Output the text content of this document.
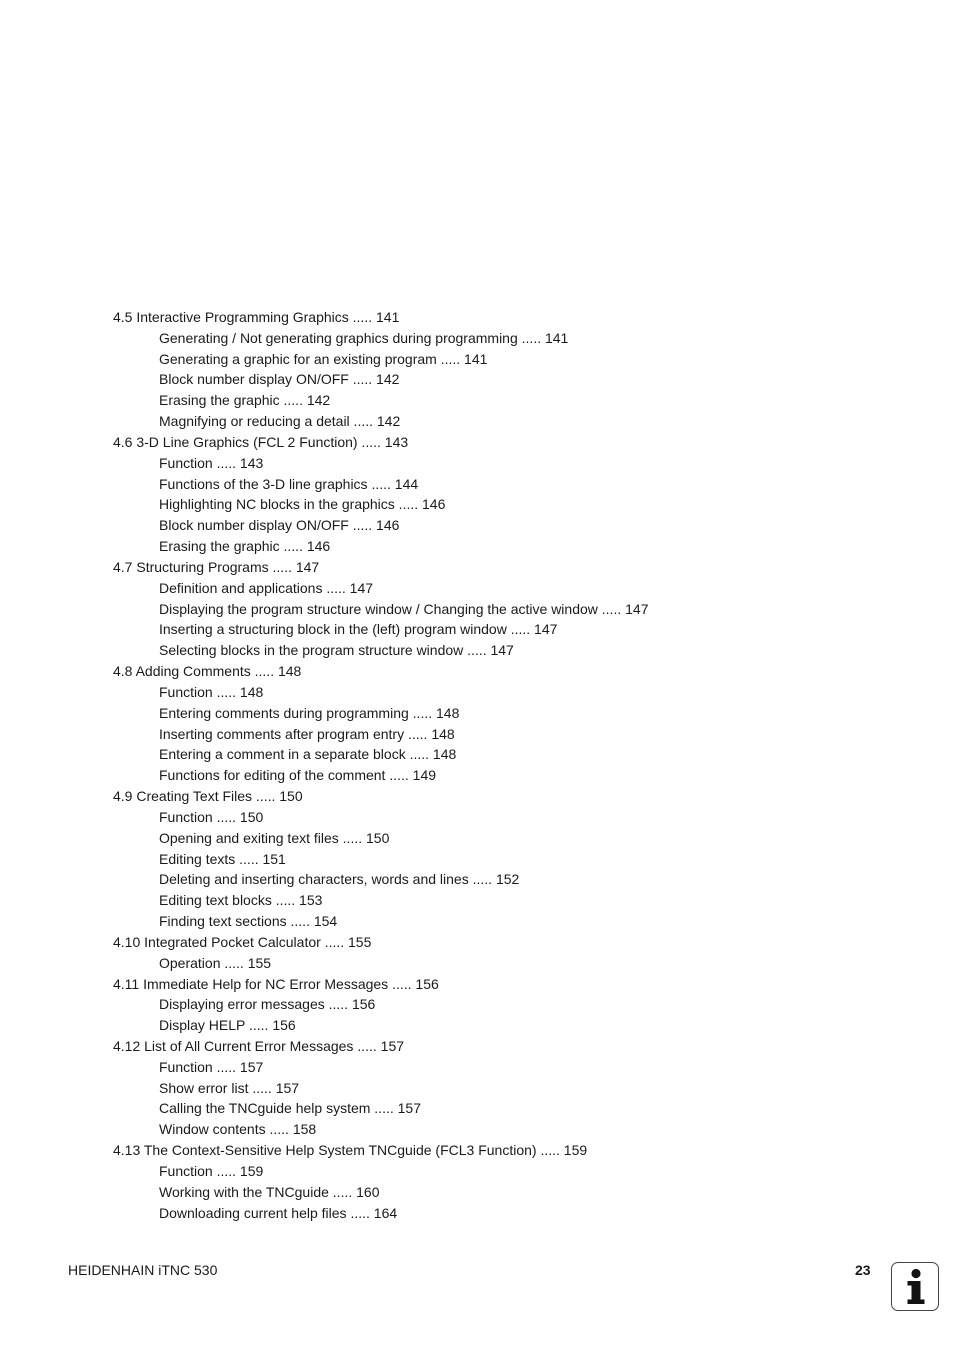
4.5 Interactive Programming Graphics ..... 141
Generating / Not generating graphics during programming ..... 141
Generating a graphic for an existing program ..... 141
Block number display ON/OFF ..... 142
Erasing the graphic ..... 142
Magnifying or reducing a detail ..... 142
4.6 3-D Line Graphics (FCL 2 Function) ..... 143
Function ..... 143
Functions of the 3-D line graphics ..... 144
Highlighting NC blocks in the graphics ..... 146
Block number display ON/OFF ..... 146
Erasing the graphic ..... 146
4.7 Structuring Programs ..... 147
Definition and applications ..... 147
Displaying the program structure window / Changing the active window ..... 147
Inserting a structuring block in the (left) program window ..... 147
Selecting blocks in the program structure window ..... 147
4.8 Adding Comments ..... 148
Function ..... 148
Entering comments during programming ..... 148
Inserting comments after program entry ..... 148
Entering a comment in a separate block ..... 148
Functions for editing of the comment ..... 149
4.9 Creating Text Files ..... 150
Function ..... 150
Opening and exiting text files ..... 150
Editing texts ..... 151
Deleting and inserting characters, words and lines ..... 152
Editing text blocks ..... 153
Finding text sections ..... 154
4.10 Integrated Pocket Calculator ..... 155
Operation ..... 155
4.11 Immediate Help for NC Error Messages ..... 156
Displaying error messages ..... 156
Display HELP ..... 156
4.12 List of All Current Error Messages ..... 157
Function ..... 157
Show error list ..... 157
Calling the TNCguide help system ..... 157
Window contents ..... 158
4.13 The Context-Sensitive Help System TNCguide (FCL3 Function) ..... 159
Function ..... 159
Working with the TNCguide ..... 160
Downloading current help files ..... 164
HEIDENHAIN iTNC 530	23
